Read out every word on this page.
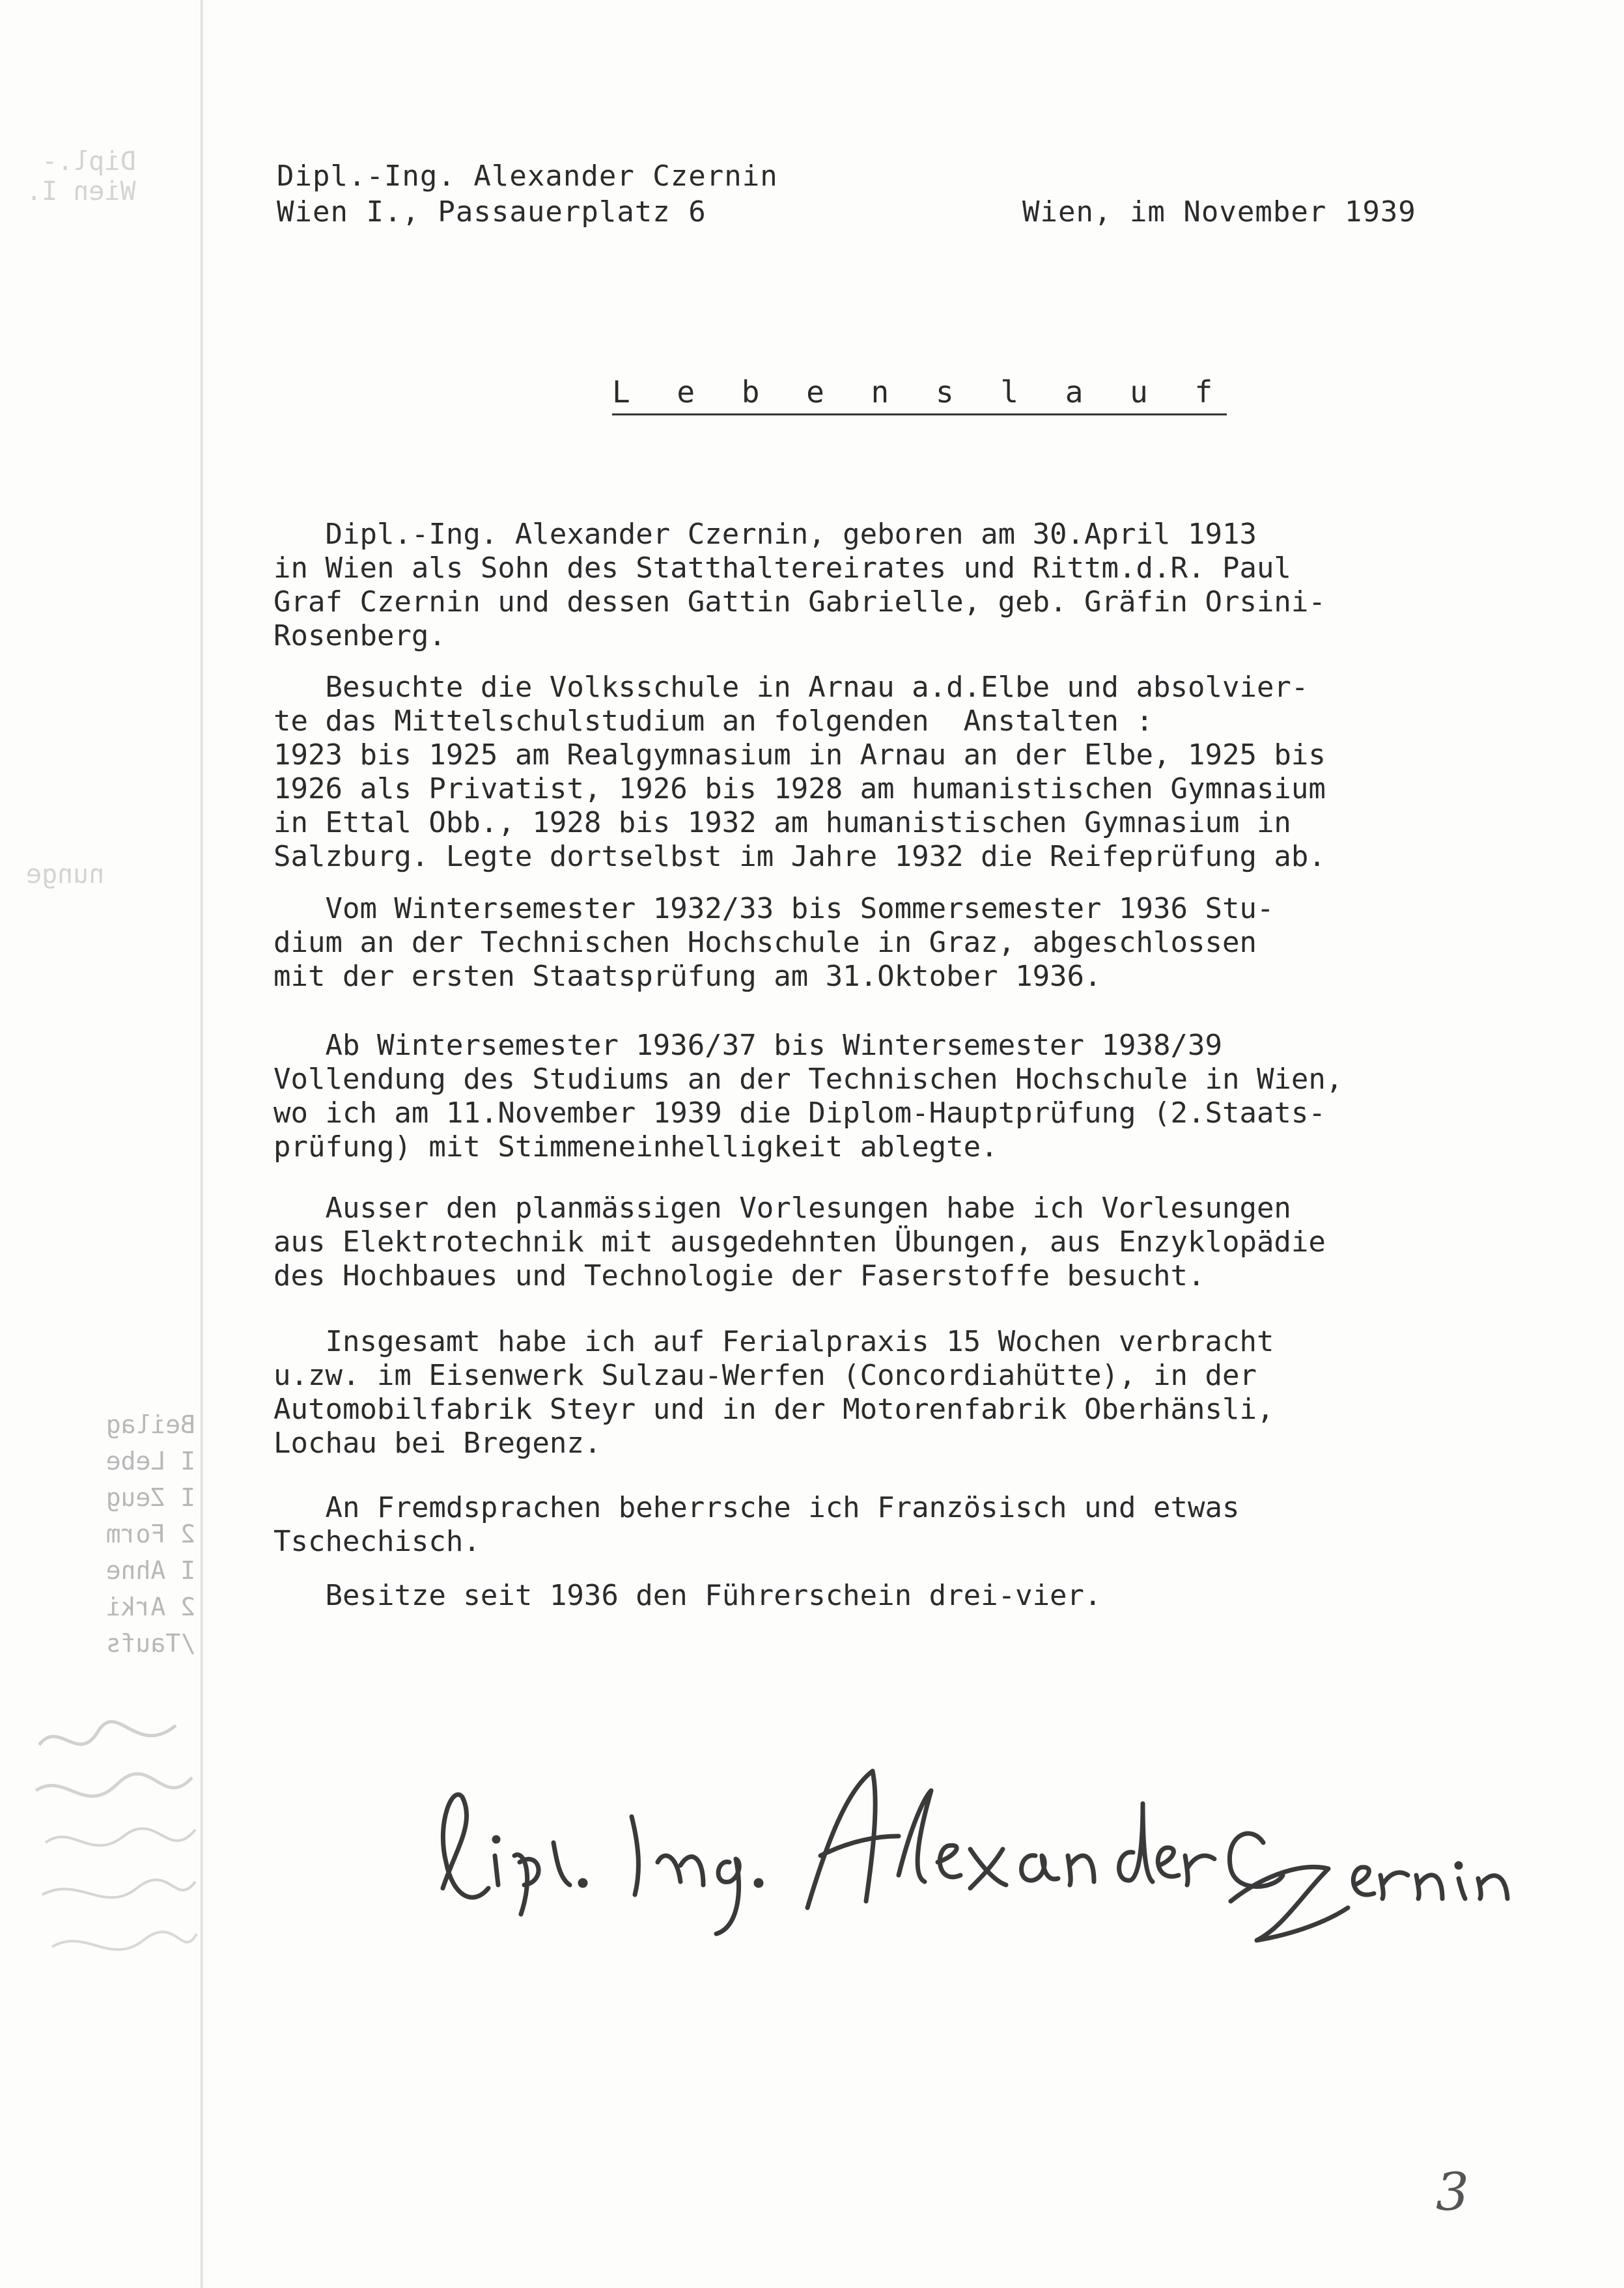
Dipl.-
Wien I.
nunge
Beilag
I Lebe
I Zeug
2 Form
I Ahne
2 Arki
/Taufs
Dipl.-Ing. Alexander Czernin
Wien I., Passauerplatz 6	Wien, im November 1939
L e b e n s l a u f
Dipl.-Ing. Alexander Czernin, geboren am 30.April 1913
in Wien als Sohn des Statthaltereirates und Rittm.d.R. Paul
Graf Czernin und dessen Gattin Gabrielle, geb. Gräfin Orsini-
Rosenberg.
Besuchte die Volksschule in Arnau a.d.Elbe und absolvier-
te das Mittelschulstudium an folgenden  Anstalten :
1923 bis 1925 am Realgymnasium in Arnau an der Elbe, 1925 bis
1926 als Privatist, 1926 bis 1928 am humanistischen Gymnasium
in Ettal Obb., 1928 bis 1932 am humanistischen Gymnasium in
Salzburg. Legte dortselbst im Jahre 1932 die Reifeprüfung ab.
Vom Wintersemester 1932/33 bis Sommersemester 1936 Stu-
dium an der Technischen Hochschule in Graz, abgeschlossen
mit der ersten Staatsprüfung am 31.Oktober 1936.
Ab Wintersemester 1936/37 bis Wintersemester 1938/39
Vollendung des Studiums an der Technischen Hochschule in Wien,
wo ich am 11.November 1939 die Diplom-Hauptprüfung (2.Staats-
prüfung) mit Stimmeneinhelligkeit ablegte.
Ausser den planmässigen Vorlesungen habe ich Vorlesungen
aus Elektrotechnik mit ausgedehnten Übungen, aus Enzyklopädie
des Hochbaues und Technologie der Faserstoffe besucht.
Insgesamt habe ich auf Ferialpraxis 15 Wochen verbracht
u.zw. im Eisenwerk Sulzau-Werfen (Concordiahütte), in der
Automobilfabrik Steyr und in der Motorenfabrik Oberhänsli,
Lochau bei Bregenz.
An Fremdsprachen beherrsche ich Französisch und etwas
Tschechisch.
Besitze seit 1936 den Führerschein drei-vier.
3
